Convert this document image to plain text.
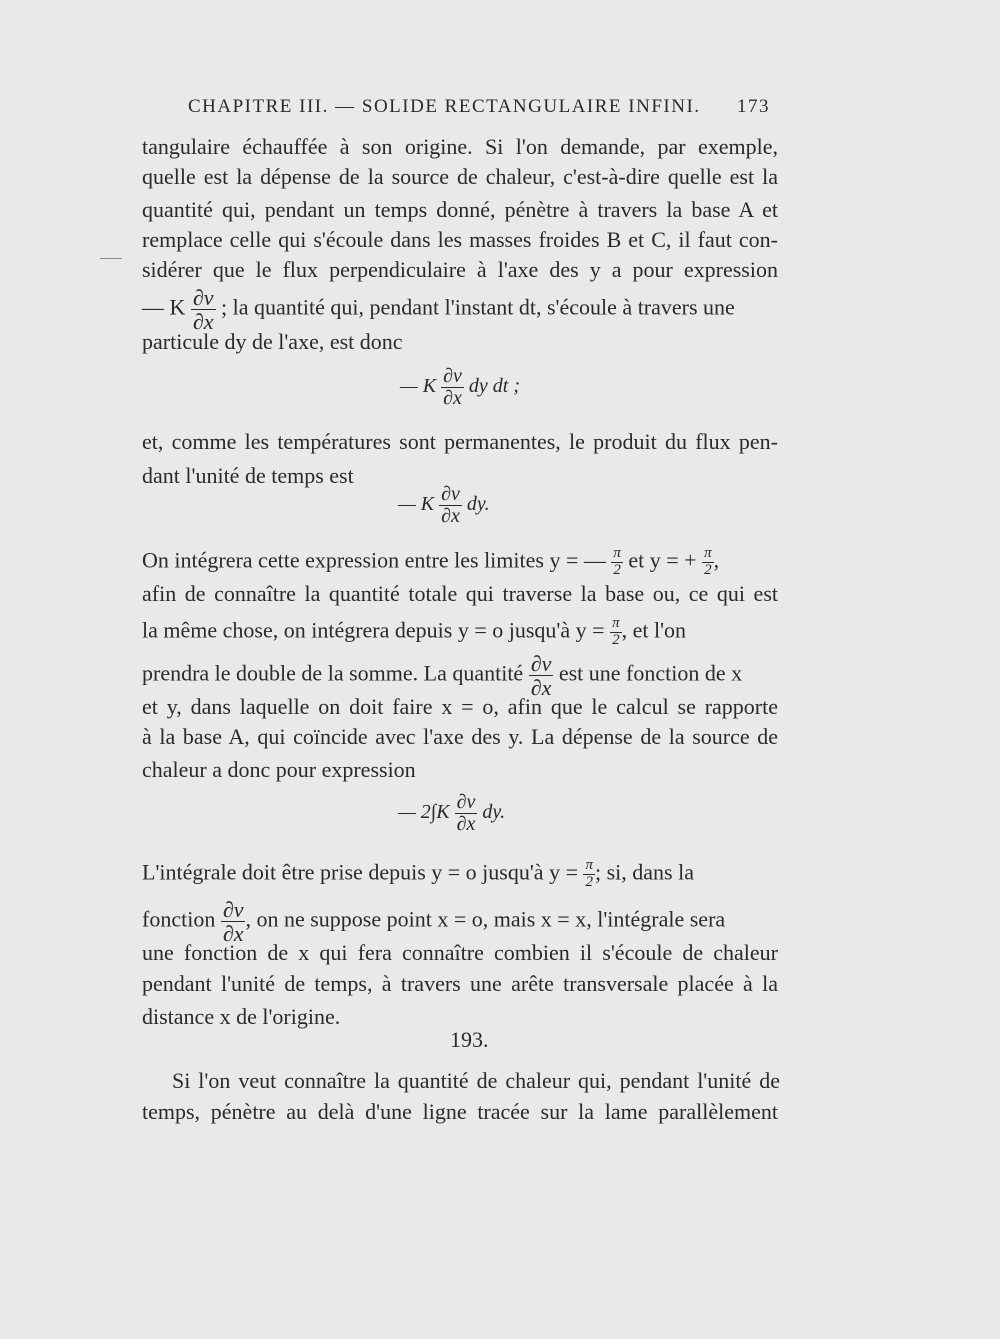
CHAPITRE III. — SOLIDE RECTANGULAIRE INFINI. 173
tangulaire échauffée à son origine. Si l'on demande, par exemple,
quelle est la dépense de la source de chaleur, c'est-à-dire quelle est la
quantité qui, pendant un temps donné, pénètre à travers la base A et
remplace celle qui s'écoule dans les masses froides B et C, il faut con-
sidérer que le flux perpendiculaire à l'axe des y a pour expression
— K $\frac{\partial v}{\partial x}$ ; la quantité qui, pendant l'instant dt, s'écoule à travers une
particule dy de l'axe, est donc
— K $\frac{\partial v}{\partial x}$ dy dt ;
et, comme les températures sont permanentes, le produit du flux pen-
dant l'unité de temps est
— K $\frac{\partial v}{\partial x}$ dy.
On intégrera cette expression entre les limites y = — $\frac{\pi}{2}$ et y = + $\frac{\pi}{2}$ ,
afin de connaître la quantité totale qui traverse la base ou, ce qui est
la même chose, on intégrera depuis y = o jusqu'à $y = \frac{\pi}{2}$ , et l'on
prendra le double de la somme. La quantité $\frac{\partial v}{\partial x}$ est une fonction de x
et y, dans laquelle on doit faire x = o, afin que le calcul se rapporte
à la base A, qui coïncide avec l'axe des y. La dépense de la source de
chaleur a donc pour expression
— $2\int K \frac{\partial v}{\partial x}$ dy.
L'intégrale doit être prise depuis y = o jusqu'à $y = \frac{\pi}{2}$ ; si, dans la
fonction $\frac{\partial v}{\partial x}$ , on ne suppose point x = o, mais x = x, l'intégrale sera
une fonction de x qui fera connaître combien il s'écoule de chaleur
pendant l'unité de temps, à travers une arête transversale placée à la
distance x de l'origine.
193.
Si l'on veut connaître la quantité de chaleur qui, pendant l'unité de
temps, pénètre au delà d'une ligne tracée sur la lame parallèlement
